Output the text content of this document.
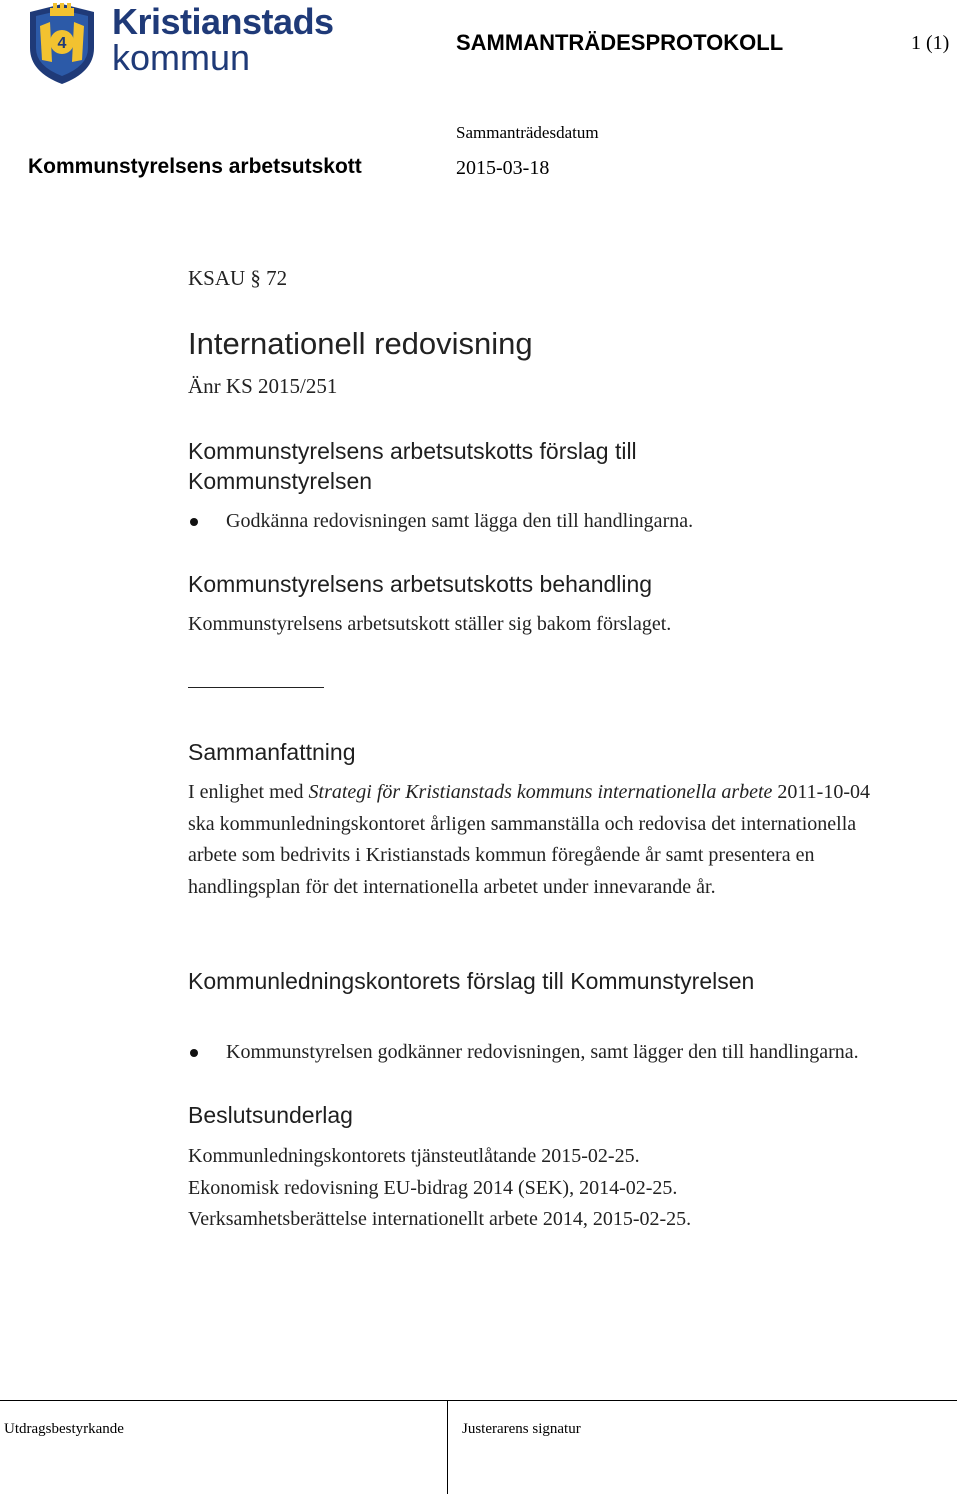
4
Kristianstads
kommun	SAMMANTRÄDESPROTOKOLL	1 (1)
Sammanträdesdatum
Kommunstyrelsens arbetsutskott	2015-03-18
KSAU § 72
Internationell redovisning
Änr KS 2015/251
Kommunstyrelsens arbetsutskotts förslag till
Kommunstyrelsen
Godkänna redovisningen samt lägga den till handlingarna.
Kommunstyrelsens arbetsutskotts behandling
Kommunstyrelsens arbetsutskott ställer sig bakom förslaget.
Sammanfattning
I enlighet med Strategi för Kristianstads kommuns internationella arbete 2011-10-04 ska kommunledningskontoret årligen sammanställa och redovisa det internationella arbete som bedrivits i Kristianstads kommun föregående år samt presentera en handlingsplan för det internationella arbetet under innevarande år.
Kommunledningskontorets förslag till Kommunstyrelsen
Kommunstyrelsen godkänner redovisningen, samt lägger den till handlingarna.
Beslutsunderlag
Kommunledningskontorets tjänsteutlåtande 2015-02-25.
Ekonomisk redovisning EU-bidrag 2014 (SEK), 2014-02-25.
Verksamhetsberättelse internationellt arbete 2014, 2015-02-25.
Utdragsbestyrkande	Justerarens signatur
